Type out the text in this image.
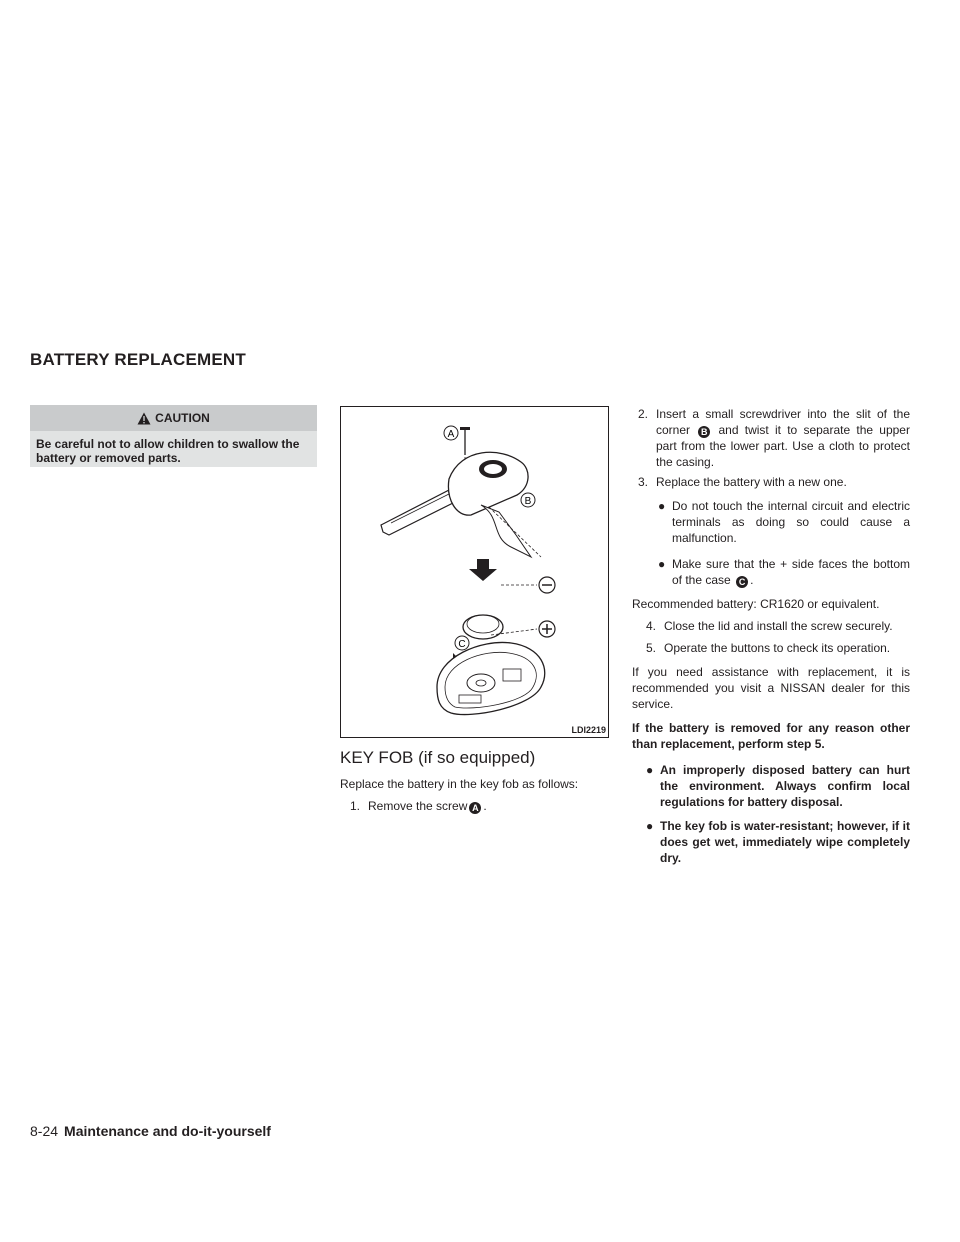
BATTERY REPLACEMENT
CAUTION
Be careful not to allow children to swallow the battery or removed parts.
A
B
C
LDI2219
KEY FOB (if so equipped)
Replace the battery in the key fob as follows:
1. Remove the screw A .
2. Insert a small screwdriver into the slit of the corner B and twist it to separate the upper part from the lower part. Use a cloth to protect the casing.
3. Replace the battery with a new one.
● Do not touch the internal circuit and electric terminals as doing so could cause a malfunction.
● Make sure that the + side faces the bottom of the case C .
Recommended battery: CR1620 or equivalent.
4. Close the lid and install the screw securely.
5. Operate the buttons to check its operation.
If you need assistance with replacement, it is recommended you visit a NISSAN dealer for this service.
If the battery is removed for any reason other than replacement, perform step 5.
● An improperly disposed battery can hurt the environment. Always confirm local regulations for battery disposal.
● The key fob is water-resistant; however, if it does get wet, immediately wipe completely dry.
8-24 Maintenance and do-it-yourself
